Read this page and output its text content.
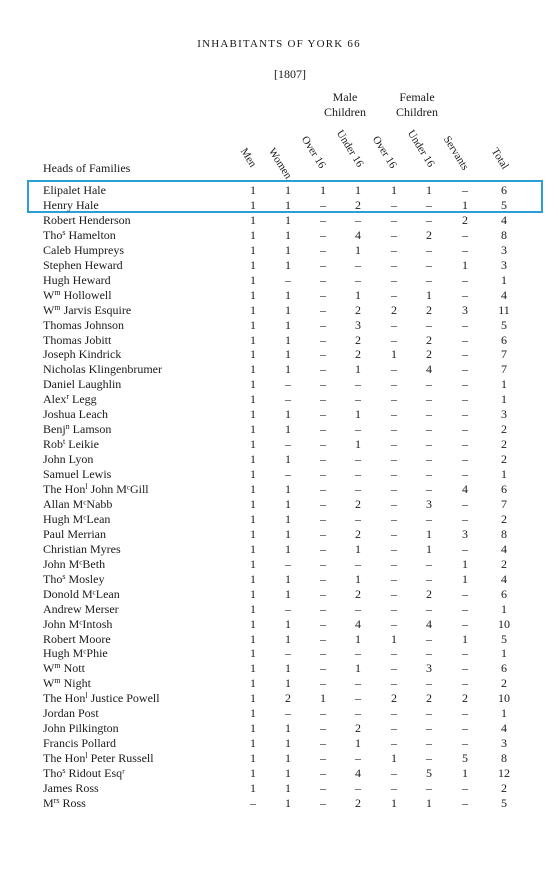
INHABITANTS OF YORK 66
[1807]
Male
Children
Female
Children
Heads of Families	Men Women Over 16 Under 16 Over 16 Under 16 Servants Total
Elipalet Hale	1	1	1	1	1	1	–	6
Henry Hale	1	1	–	2	–	–	1	5
Robert Henderson	1	1	–	–	–	–	2	4
Tho$^s$ Hamelton	1	1	–	4	–	2	–	8
Caleb Humpreys	1	1	–	1	–	–	–	3
Stephen Heward	1	1	–	–	–	–	1	3
Hugh Heward	1	–	–	–	–	–	–	1
$W^m$ Hollowell	1	1	–	1	–	1	–	4
$W^m$ Jarvis Esquire	1	1	–	2	2	2	3	11
Thomas Johnson	1	1	–	3	–	–	–	5
Thomas Jobitt	1	1	–	2	–	2	–	6
Joseph Kindrick	1	1	–	2	1	2	–	7
Nicholas Klingenbrumer	1	1	–	1	–	4	–	7
Daniel Laughlin	1	–	–	–	–	–	–	1
Alex$^r$ Legg	1	–	–	–	–	–	–	1
Joshua Leach	1	1	–	1	–	–	–	3
Benj$^n$ Lamson	1	1	–	–	–	–	–	2
Rob$^t$ Leikie	1	–	–	1	–	–	–	2
John Lyon	1	1	–	–	–	–	–	2
Samuel Lewis	1	–	–	–	–	–	–	1
The Hon$^l$ John MᶜGill	1	1	–	–	–	–	4	6
Allan MᶜNabb	1	1	–	2	–	3	–	7
Hugh MᶜLean	1	1	–	–	–	–	–	2
Paul Merrian	1	1	–	2	–	1	3	8
Christian Myres	1	1	–	1	–	1	–	4
John MᶜBeth	1	–	–	–	–	–	1	2
Tho$^s$ Mosley	1	1	–	1	–	–	1	4
Donold MᶜLean	1	1	–	2	–	2	–	6
Andrew Merser	1	–	–	–	–	–	–	1
John MᶜIntosh	1	1	–	4	–	4	–	10
Robert Moore	1	1	–	1	1	–	1	5
Hugh MᶜPhie	1	–	–	–	–	–	–	1
$W^m$ Nott	1	1	–	1	–	3	–	6
$W^m$ Night	1	1	–	–	–	–	–	2
The Hon$^l$ Justice Powell	1	2	1	–	2	2	2	10
Jordan Post	1	–	–	–	–	–	–	1
John Pilkington	1	1	–	2	–	–	–	4
Francis Pollard	1	1	–	1	–	–	–	3
The Hon$^l$ Peter Russell	1	1	–	–	1	–	5	8
Tho$^s$ Ridout Esqʳ	1	1	–	4	–	5	1	12
James Ross	1	1	–	–	–	–	–	2
$M^{rs}$ Ross	–	1	–	2	1	1	–	5
